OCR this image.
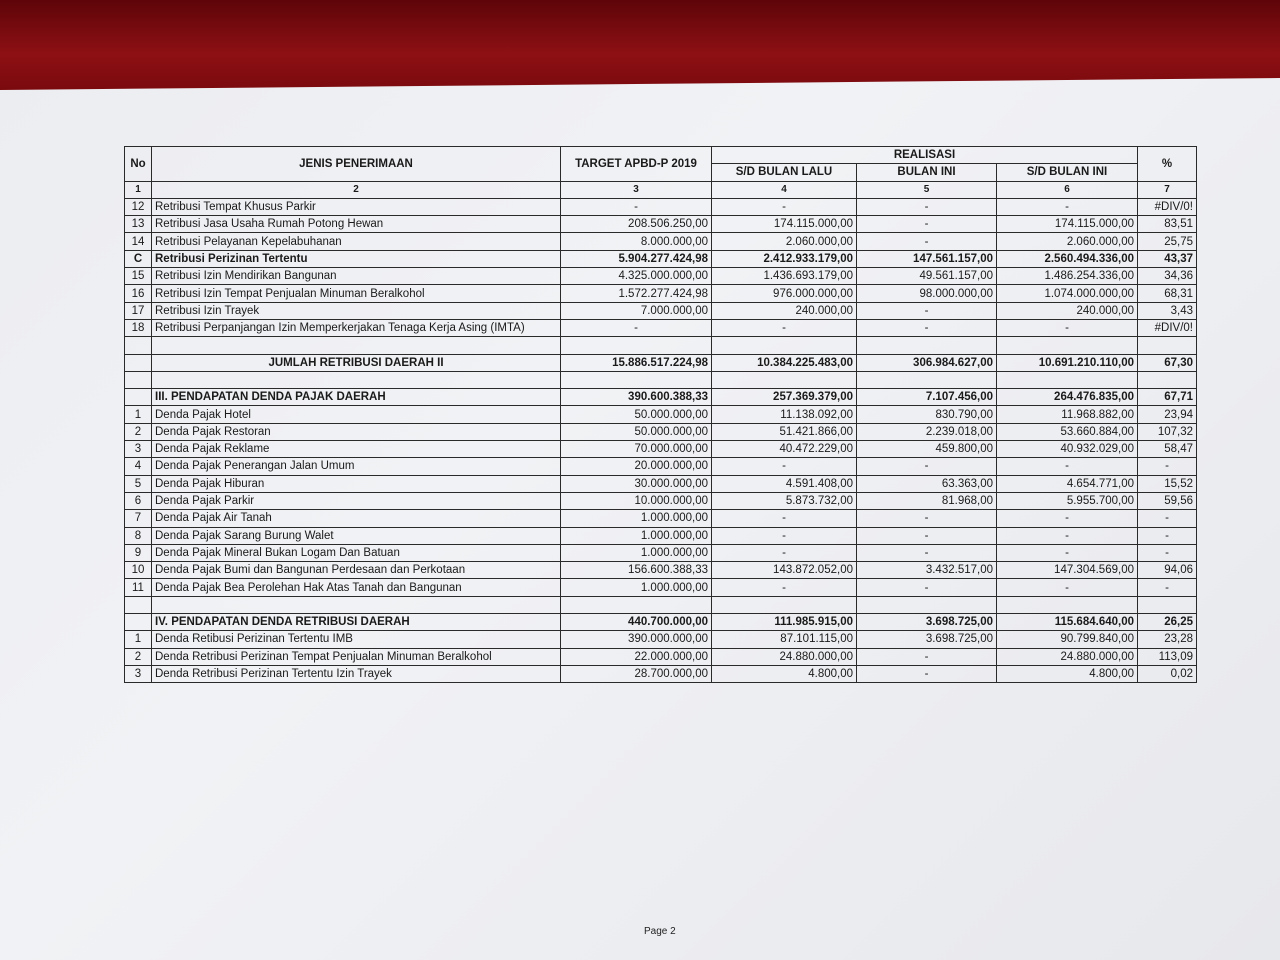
No	JENIS PENERIMAAN	TARGET APBD-P 2019	REALISASI			%
			S/D BULAN LALU	BULAN INI	S/D BULAN INI	
1	2	3	4	5	6	7
12	Retribusi Tempat Khusus Parkir	-	-	-	-	#DIV/0!
13	Retribusi Jasa Usaha Rumah Potong Hewan	208.506.250,00	174.115.000,00	-	174.115.000,00	83,51
14	Retribusi Pelayanan Kepelabuhanan	8.000.000,00	2.060.000,00	-	2.060.000,00	25,75
C	Retribusi Perizinan Tertentu	5.904.277.424,98	2.412.933.179,00	147.561.157,00	2.560.494.336,00	43,37
15	Retribusi Izin Mendirikan Bangunan	4.325.000.000,00	1.436.693.179,00	49.561.157,00	1.486.254.336,00	34,36
16	Retribusi Izin Tempat Penjualan Minuman Beralkohol	1.572.277.424,98	976.000.000,00	98.000.000,00	1.074.000.000,00	68,31
17	Retribusi Izin Trayek	7.000.000,00	240.000,00	-	240.000,00	3,43
18	Retribusi Perpanjangan Izin Memperkerjakan Tenaga Kerja Asing (IMTA)	-	-	-	-	#DIV/0!

	JUMLAH RETRIBUSI DAERAH II	15.886.517.224,98	10.384.225.483,00	306.984.627,00	10.691.210.110,00	67,30

	III. PENDAPATAN DENDA PAJAK DAERAH	390.600.388,33	257.369.379,00	7.107.456,00	264.476.835,00	67,71
1	Denda Pajak Hotel	50.000.000,00	11.138.092,00	830.790,00	11.968.882,00	23,94
2	Denda Pajak Restoran	50.000.000,00	51.421.866,00	2.239.018,00	53.660.884,00	107,32
3	Denda Pajak Reklame	70.000.000,00	40.472.229,00	459.800,00	40.932.029,00	58,47
4	Denda Pajak Penerangan Jalan Umum	20.000.000,00	-	-	-	-
5	Denda Pajak Hiburan	30.000.000,00	4.591.408,00	63.363,00	4.654.771,00	15,52
6	Denda Pajak Parkir	10.000.000,00	5.873.732,00	81.968,00	5.955.700,00	59,56
7	Denda Pajak Air Tanah	1.000.000,00	-	-	-	-
8	Denda Pajak Sarang Burung Walet	1.000.000,00	-	-	-	-
9	Denda Pajak Mineral Bukan Logam Dan Batuan	1.000.000,00	-	-	-	-
10	Denda Pajak Bumi dan Bangunan Perdesaan dan Perkotaan	156.600.388,33	143.872.052,00	3.432.517,00	147.304.569,00	94,06
11	Denda Pajak Bea Perolehan Hak Atas Tanah dan Bangunan	1.000.000,00	-	-	-	-

	IV. PENDAPATAN DENDA RETRIBUSI DAERAH	440.700.000,00	111.985.915,00	3.698.725,00	115.684.640,00	26,25
1	Denda Retibusi Perizinan Tertentu IMB	390.000.000,00	87.101.115,00	3.698.725,00	90.799.840,00	23,28
2	Denda Retribusi Perizinan Tempat Penjualan Minuman Beralkohol	22.000.000,00	24.880.000,00	-	24.880.000,00	113,09
3	Denda Retribusi Perizinan Tertentu Izin Trayek	28.700.000,00	4.800,00	-	4.800,00	0,02
Page 2
